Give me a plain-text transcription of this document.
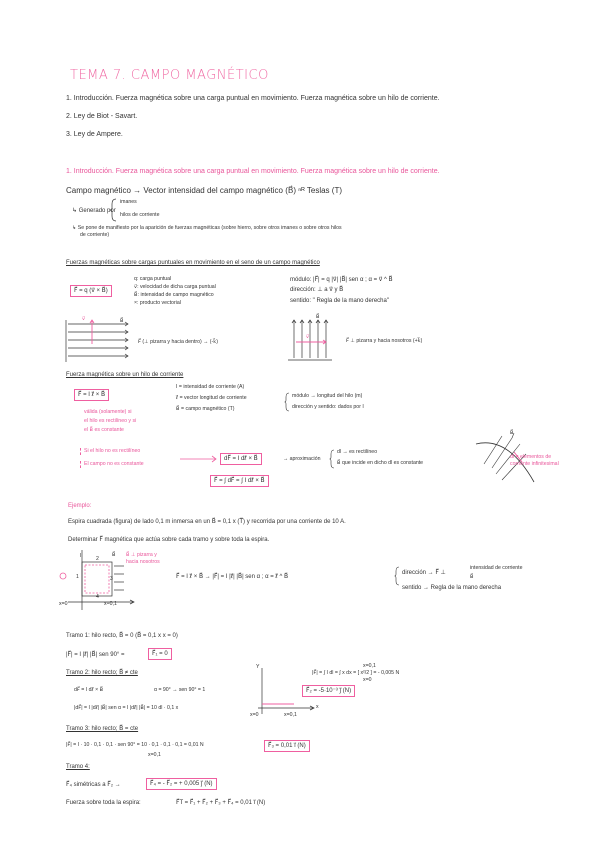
TEMA 7. CAMPO MAGNÉTICO
1. Introducción. Fuerza magnética sobre una carga puntual en movimiento. Fuerza magnética sobre un hilo de corriente.
2. Ley de Biot - Savart.
3. Ley de Ampere.
1. Introducción. Fuerza magnética sobre una carga puntual en movimiento. Fuerza magnética sobre un hilo de corriente.
Campo magnético → Vector intensidad del campo magnético (B⃗) ⁿᴿ Teslas (T)
↳ Generado por
imanes
hilos de corriente
↳ Se pone de manifiesto por la aparición de fuerzas magnéticas (sobre hierro, sobre otros imanes o sobre otros hilos
de corriente)
Fuerzas magnéticas sobre cargas puntuales en movimiento en el seno de un campo magnético
F⃗ = q (v⃗ × B⃗)
q: carga puntual
v⃗: velocidad de dicha carga puntual
B⃗: intensidad de campo magnético
×: producto vectorial
módulo: |F⃗| = q |v⃗| |B⃗| sen α ; α = v⃗ ^ B⃗
dirección: ⊥ a v⃗ y B⃗
sentido: " Regla de la mano derecha"
B⃗
v⃗
F⃗ (⊥ pizarra y hacia dentro) → (-k⃗)
B⃗
v⃗
F⃗ ⊥ pizarra y hacia nosotros (+k⃗)
Fuerza magnética sobre un hilo de corriente
F⃗ = I ℓ⃗ × B⃗
I = intensidad de corriente (A)
ℓ⃗ = vector longitud de corriente
B⃗ = campo magnético (T)
módulo → longitud del hilo (m)
dirección y sentido: dados por I
válida (solamente) si
el hilo es rectilíneo y si
el B⃗ es constante
Si el hilo no es rectilíneo
El campo no es constante
dF⃗ = I dℓ⃗ × B⃗	→ aproximación
dl → es rectilíneo
B⃗ que incide en dicho dl es constante
F⃗ = ∫ dF⃗ = ∫ I dℓ⃗ × B⃗
B⃗
dl = elementos de corriente infinitesimal
Ejemplo:
Espira cuadrada (figura) de lado 0,1 m inmersa en un B⃗ = 0,1 x (T⃗) y recorrida por una corriente de 10 A.
Determinar F⃗ magnética que actúa sobre cada tramo y sobre toda la espira.
x=0	x=0,1
I	B⃗
1
2
3
4
B⃗ ⊥ pizarra y hacia nosotros
F⃗ = I ℓ⃗ × B⃗ → |F⃗| = I |ℓ⃗| |B⃗| sen α ; α = ℓ⃗ ^ B⃗
dirección → F⃗ ⊥
intensidad de corriente
B⃗
sentido → Regla de la mano derecha
Tramo 1: hilo recto, B⃗ = 0 (B⃗ = 0,1 x x = 0)
|F⃗| = I |ℓ⃗| |B⃗| sen 90° =	F⃗₁ = 0
Tramo 2: hilo recto; B⃗ ≠ cte
dF⃗ = I dℓ⃗ × B⃗	α = 90° → sen 90° = 1
|dF⃗| = I |dℓ⃗| |B⃗| sen α = I |dℓ⃗| |B⃗| = 10 dl · 0,1 x
x=0	x=0,1
Y
x
|F⃗| = ∫ I dl = ∫ x dx = [ x²/2 ] = - 0,005 N
x=0,1
x=0
F⃗₂ = -5·10⁻³ j⃗ (N)
Tramo 3: hilo recto; B⃗ = cte
|F⃗| = I · 10 · 0,1 · 0,1 · sen 90° = 10 · 0,1 · 0,1 · 0,1 = 0,01 N
x=0,1
F⃗₃ = 0,01 i⃗ (N)
Tramo 4:
F⃗₄ simétricas a F⃗₂ →	F⃗₄ = - F⃗₂ = + 0,005 j⃗ (N)
Fuerza sobre toda la espira:	F⃗T = F⃗₁ + F⃗₂ + F⃗₃ + F⃗₄ = 0,01 i⃗ (N)
